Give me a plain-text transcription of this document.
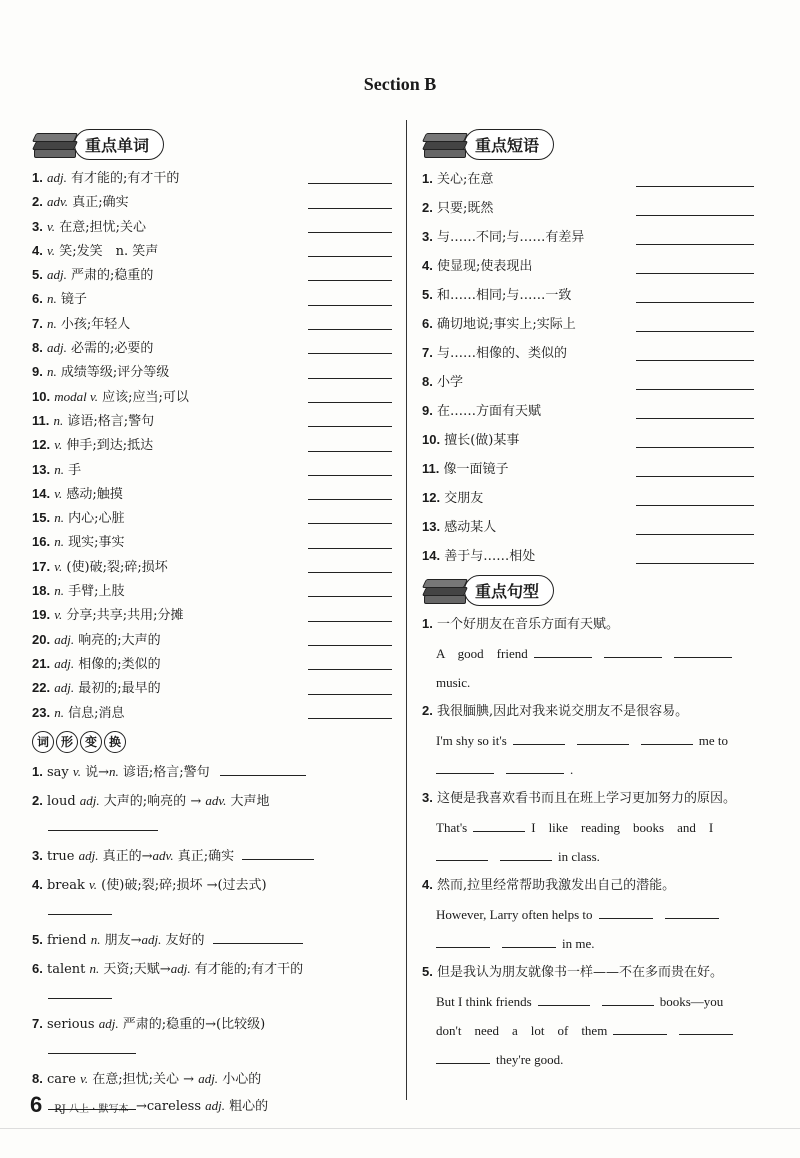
Section B
重点单词
1. adj. 有才能的;有才干的
2. adv. 真正;确实
3. v. 在意;担忧;关心
4. v. 笑;发笑　n. 笑声
5. adj. 严肃的;稳重的
6. n. 镜子
7. n. 小孩;年轻人
8. adj. 必需的;必要的
9. n. 成绩等级;评分等级
10. modal v. 应该;应当;可以
11. n. 谚语;格言;警句
12. v. 伸手;到达;抵达
13. n. 手
14. v. 感动;触摸
15. n. 内心;心脏
16. n. 现实;事实
17. v. (使)破;裂;碎;损坏
18. n. 手臂;上肢
19. v. 分享;共享;共用;分摊
20. adj. 响亮的;大声的
21. adj. 相像的;类似的
22. adj. 最初的;最早的
23. n. 信息;消息
词 形 变 换
1. say v. 说→n. 谚语;格言;警句
2. loud adj. 大声的;响亮的 → adv. 大声地

3. true adj. 真正的→adv. 真正;确实
4. break v. (使)破;裂;碎;损坏 →(过去式)

5. friend n. 朋友→adj. 友好的
6. talent n. 天资;天赋→adj. 有才能的;有才干的

7. serious adj. 严肃的;稳重的→(比较级)

8. care v. 在意;担忧;关心 → adj. 小心的
→careless adj. 粗心的
重点短语
1. 关心;在意
2. 只要;既然
3. 与……不同;与……有差异
4. 使显现;使表现出
5. 和……相同;与……一致
6. 确切地说;事实上;实际上
7. 与……相像的、类似的
8. 小学
9. 在……方面有天赋
10. 擅长(做)某事
11. 像一面镜子
12. 交朋友
13. 感动某人
14. 善于与……相处
重点句型
1. 一个好朋友在音乐方面有天赋。
A　good　friend
music.
2. 我很腼腆,因此对我来说交朋友不是很容易。
I'm shy so it's	me to
.
3. 这便是我喜欢看书而且在班上学习更加努力的原因。
That's	I　like　reading　books　and　I
in class.
4. 然而,拉里经常帮助我激发出自己的潜能。
However, Larry often helps to
in me.
5. 但是我认为朋友就像书一样——不在多而贵在好。
But I think friends	books—you
don't　need　a　lot　of　them
they're good.
6 RJ 八上 · 默写本
